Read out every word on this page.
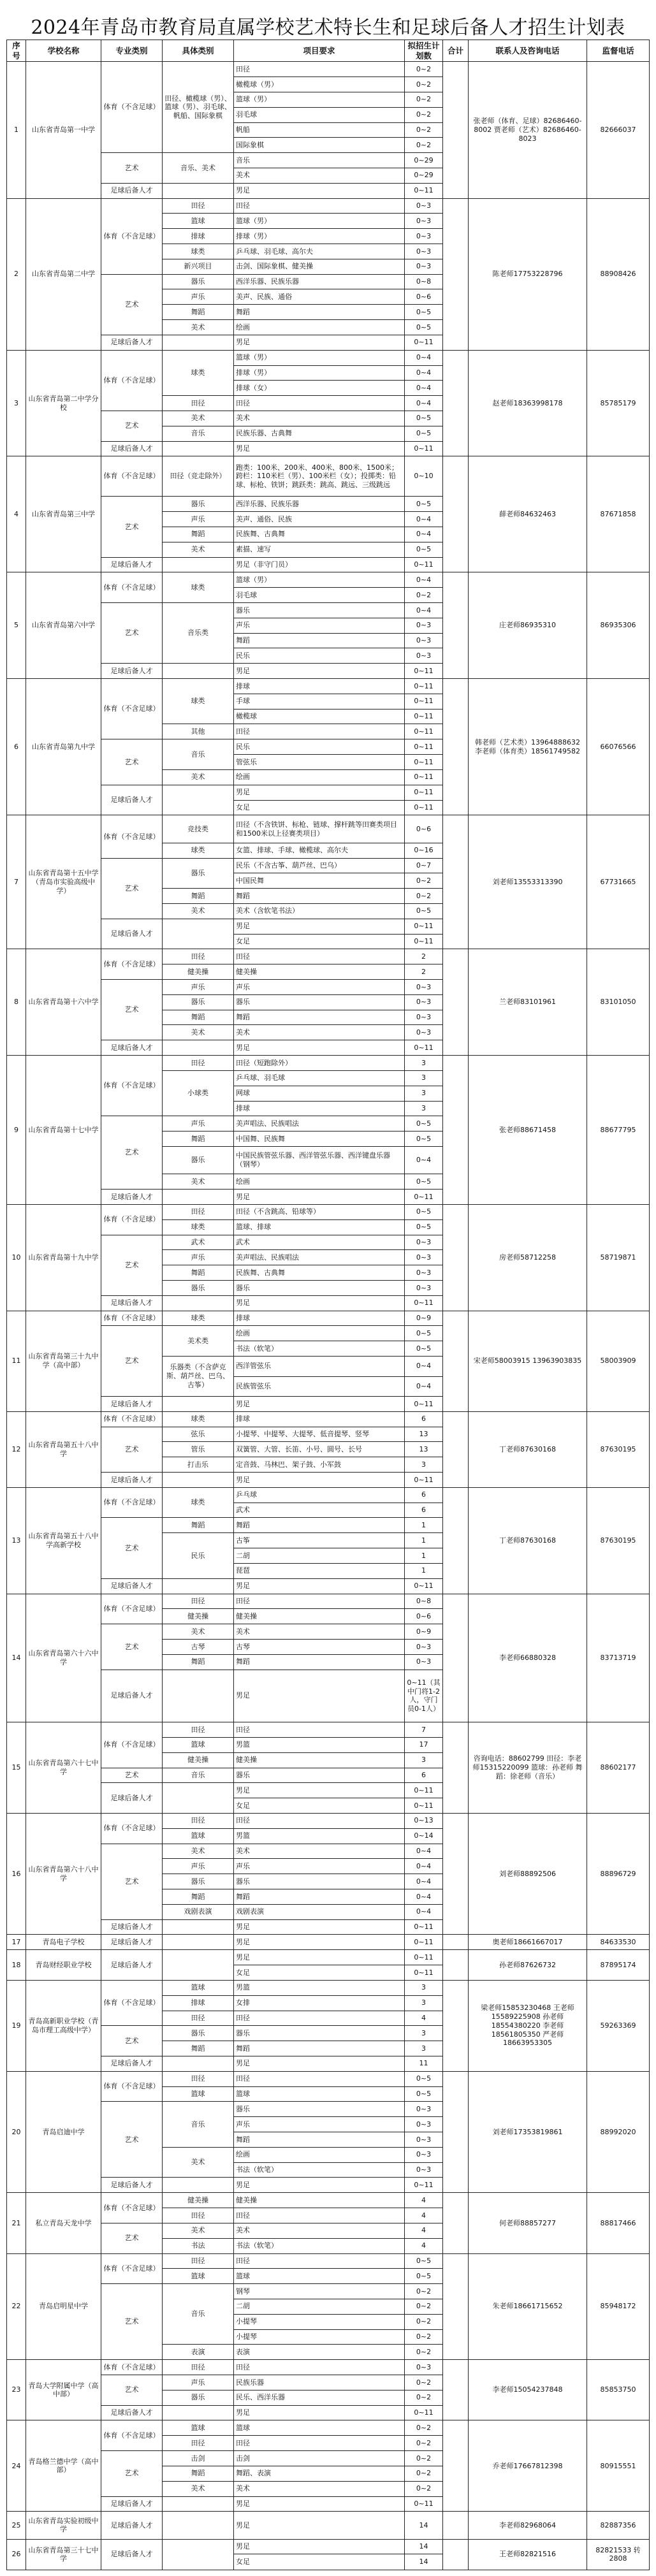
2024年青岛市教育局直属学校艺术特长生和足球后备人才招生计划表
序号	学校名称	专业类别	具体类别	项目要求	拟招生计划数	合计	联系人及咨询电话	监督电话
1	山东省青岛第一中学	体育（不含足球）	田径、橄榄球（男）、篮球（男）、羽毛球、帆船、国际象棋	田径	0~2		张老师（体育、足球）82686460-8002 贾老师（艺术）82686460-8023	82666037
				橄榄球（男）	0~2			
				篮球（男）	0~2			
				羽毛球	0~2			
				帆船	0~2			
				国际象棋	0~2			
		艺术	音乐、美术	音乐	0~29			
				美术	0~29			
		足球后备人才		男足	0~11			
2	山东省青岛第二中学	体育（不含足球）	田径	田径	0~3		陈老师17753228796	88908426
			篮球	篮球（男）	0~3			
			排球	排球（男）	0~3			
			球类	乒乓球、羽毛球、高尔夫	0~3			
			新兴项目	击剑、国际象棋、健美操	0~3			
		艺术	器乐	西洋乐器、民族乐器	0~8			
			声乐	美声、民族、通俗	0~6			
			舞蹈	舞蹈	0~5			
			美术	绘画	0~5			
		足球后备人才		男足	0~11			
3	山东省青岛第二中学分校	体育（不含足球）	球类	篮球（男）	0~4		赵老师18363998178	85785179
				排球（男）	0~4			
				排球（女）	0~4			
			田径	田径	0~4			
		艺术	美术	美术	0~5			
			音乐	民族乐器、古典舞	0~5			
		足球后备人才		男足	0~11			
4	山东省青岛第三中学	体育（不含足球）	田径（竞走除外）	跑类：100米、200米、400米、800米、1500米；跨栏：110米栏（男）、100米栏（女）；投掷类：铅球、标枪、铁饼；跳跃类：跳高、跳远、三级跳远	0~10		薛老师84632463	87671858
		艺术	器乐	西洋乐器、民族乐器	0~5			
			声乐	美声、通俗、民族	0~4			
			舞蹈	民族舞、古典舞	0~4			
			美术	素描、速写	0~5			
		足球后备人才		男足（非守门员）	0~11			
5	山东省青岛第六中学	体育（不含足球）	球类	篮球（男）	0~4		庄老师86935310	86935306
				羽毛球	0~2			
		艺术	音乐类	器乐	0~4			
				声乐	0~3			
				舞蹈	0~3			
				民乐	0~3			
		足球后备人才		男足	0~11			
6	山东省青岛第九中学	体育（不含足球）	球类	排球	0~11		韩老师（艺术类）13964888632 李老师（体育类）18561749582	66076566
				手球	0~11			
				橄榄球	0~11			
			其他	田径	0~11			
		艺术	音乐	民乐	0~11			
				管弦乐	0~11			
			美术	绘画	0~11			
		足球后备人才		男足	0~11			
				女足	0~11			
7	山东省青岛第十五中学（青岛市实验高级中学）	体育（不含足球）	竞技类	田径（不含铁饼、标枪、链球、撑杆跳等田赛类项目和1500米以上径赛类项目）	0~6		刘老师13553313390	67731665
			球类	女篮、排球、手球、橄榄球、高尔夫	0~16			
		艺术	器乐	民乐（不含古筝、葫芦丝、巴乌）	0~7			
				中国民舞	0~2			
			舞蹈	舞蹈	0~2			
			美术	美术（含软笔书法）	0~5			
		足球后备人才		男足	0~11			
				女足	0~11			
8	山东省青岛第十六中学	体育（不含足球）	田径	田径	2		兰老师83101961	83101050
			健美操	健美操	2			
		艺术	声乐	声乐	0~3			
			器乐	器乐	0~3			
			舞蹈	舞蹈	0~3			
			美术	美术	0~3			
		足球后备人才		男足	0~11			
9	山东省青岛第十七中学	体育（不含足球）	田径	田径（短跑除外）	3		张老师88671458	88677795
			小球类	乒乓球、羽毛球	3			
				网球	3			
				排球	3			
		艺术	声乐	美声唱法、民族唱法	0~5			
			舞蹈	中国舞、民族舞	0~5			
			器乐	中国民族管弦乐器、西洋管弦乐器、西洋键盘乐器（钢琴）	0~4			
			美术	绘画	0~5			
		足球后备人才		男足	0~11			
10	山东省青岛第十九中学	体育（不含足球）	田径	田径（不含跳高、铅球等）	0~5		房老师58712258	58719871
			球类	篮球、排球	0~5			
		艺术	武术	武术	0~3			
			声乐	美声唱法、民族唱法	0~3			
			舞蹈	民族舞、古典舞	0~3			
			器乐	器乐	0~3			
		足球后备人才		男足	0~11			
11	山东省青岛第三十九中学（高中部）	体育（不含足球）	球类	排球	0~9		宋老师58003915 13963903835	58003909
		艺术	美术类	绘画	0~5			
				书法（软笔）	0~5			
			乐器类（不含萨克斯、葫芦丝、巴乌、古筝）	西洋管弦乐	0~4			
				民族管弦乐	0~4			
		足球后备人才		男足	0~11			
12	山东省青岛第五十八中学	体育（不含足球）	球类	排球	6		丁老师87630168	87630195
		艺术	弦乐	小提琴、中提琴、大提琴、低音提琴、竖琴	13			
			管乐	双簧管、大管、长笛、小号、圆号、长号	13			
			打击乐	定音鼓、马林巴、架子鼓、小军鼓	3			
		足球后备人才		男足	0~11			
13	山东省青岛第五十八中学高新学校	体育（不含足球）	球类	乒乓球	6		丁老师87630168	87630195
				武术	6			
		艺术	舞蹈	舞蹈	1			
			民乐	古筝	1			
				二胡	1			
				琵琶	1			
		足球后备人才		男足	0~11			
14	山东省青岛第六十六中学	体育（不含足球）	田径	田径	0~8		李老师66880328	83713719
			健美操	健美操	0~6			
		艺术	美术	美术	0~9			
			古琴	古琴	0~3			
			舞蹈	舞蹈	0~3			
		足球后备人才		男足	0~11（其中门将1-2人，守门员0-1人）			
15	山东省青岛第六十七中学	体育（不含足球）	田径	田径	7		咨询电话：88602799 田径：李老师15315220099 篮球：孙老师 舞蹈：徐老师（音乐）	88602177
			篮球	男篮	17			
			健美操	健美操	3			
		艺术	音乐	器乐	6			
		足球后备人才		男足	0~11			
				女足	0~11			
16	山东省青岛第六十八中学	体育（不含足球）	田径	田径	0~13		刘老师88892506	88896729
			篮球	男篮	0~14			
		艺术	美术	美术	0~4			
			声乐	声乐	0~4			
			器乐	器乐	0~4			
			舞蹈	舞蹈	0~4			
			戏剧表演	戏剧表演	0~4			
		足球后备人才		男足	0~11			
17	青岛电子学校	足球后备人才		男足	0~11		奥老师18661667017	84633530
18	青岛财经职业学校	足球后备人才		男足	0~11		孙老师87626732	87895174
				女足	0~11			
19	青岛高新职业学校（青岛市理工高级中学）	体育（不含足球）	篮球	男篮	3		梁老师15853230468 王老师15589225908 孙老师18554380220 李老师18561805350 严老师18663953305	59263369
			排球	女排	3			
			田径	田径	4			
		艺术	器乐	器乐	3			
			舞蹈	舞蹈	3			
		足球后备人才		男足	11			
20	青岛启迪中学	体育（不含足球）	田径	田径	0~5		刘老师17353819861	88992020
			篮球	篮球	0~5			
		艺术	音乐	器乐	0~3			
				声乐	0~3			
				舞蹈	0~3			
			美术	绘画	0~3			
				书法（软笔）	0~3			
		足球后备人才		男足	0~11			
21	私立青岛天龙中学	体育（不含足球）	健美操	健美操	4		何老师88857277	88817466
			田径	田径	4			
		艺术	美术	美术	4			
			书法	书法（软笔）	4			
22	青岛启明星中学	体育（不含足球）	田径	田径	0~5		朱老师18661715652	85948172
			篮球	篮球	0~5			
		艺术	音乐	钢琴	0~2			
				二胡	0~2			
				小提琴	0~2			
				小提琴	0~2			
			表演	表演	0~2			
23	青岛大学附属中学（高中部）	体育（不含足球）	田径	田径	0~3		李老师15054237848	85853750
		艺术	声乐	民族乐器	0~2			
			器乐	民乐、西洋乐器	0~2			
		足球后备人才		男足	0~11			
24	青岛格兰德中学（高中部）	体育（不含足球）	篮球	篮球	0~2		乔老师17667812398	80915551
			田径	田径	0~2			
		艺术	击剑	击剑	0~2			
			舞蹈	舞蹈、表演	0~2			
			美术	美术	0~2			
		足球后备人才		男足	0~11			
25	山东省青岛实验初级中学	足球后备人才		男足	14		李老师82968064	82887356
26	山东省青岛第三十七中学	足球后备人才		男足	14		王老师82821516	82821533 转2808
				女足	14			
